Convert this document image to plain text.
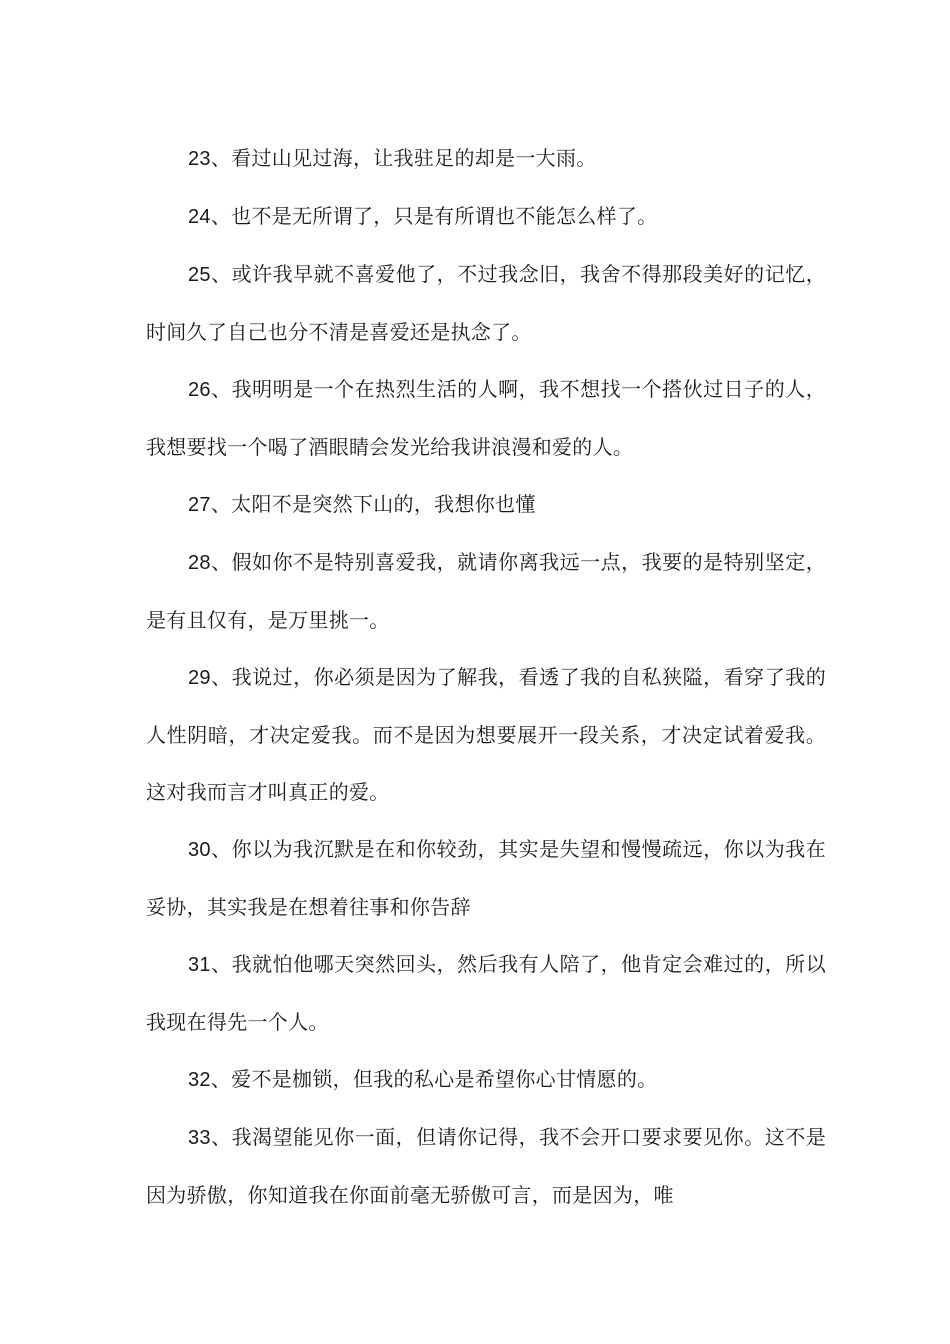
23、看过山见过海，让我驻足的却是一大雨。

24、也不是无所谓了，只是有所谓也不能怎么样了。

25、或许我早就不喜爱他了，不过我念旧，我舍不得那段美好的记忆，时间久了自己也分不清是喜爱还是执念了。

26、我明明是一个在热烈生活的人啊，我不想找一个搭伙过日子的人，我想要找一个喝了酒眼睛会发光给我讲浪漫和爱的人。

27、太阳不是突然下山的，我想你也懂

28、假如你不是特别喜爱我，就请你离我远一点，我要的是特别坚定，是有且仅有，是万里挑一。

29、我说过，你必须是因为了解我，看透了我的自私狭隘，看穿了我的人性阴暗，才决定爱我。而不是因为想要展开一段关系，才决定试着爱我。这对我而言才叫真正的爱。

30、你以为我沉默是在和你较劲，其实是失望和慢慢疏远，你以为我在妥协，其实我是在想着往事和你告辞

31、我就怕他哪天突然回头，然后我有人陪了，他肯定会难过的，所以我现在得先一个人。

32、爱不是枷锁，但我的私心是希望你心甘情愿的。

33、我渴望能见你一面，但请你记得，我不会开口要求要见你。这不是因为骄傲，你知道我在你面前毫无骄傲可言，而是因为，唯
